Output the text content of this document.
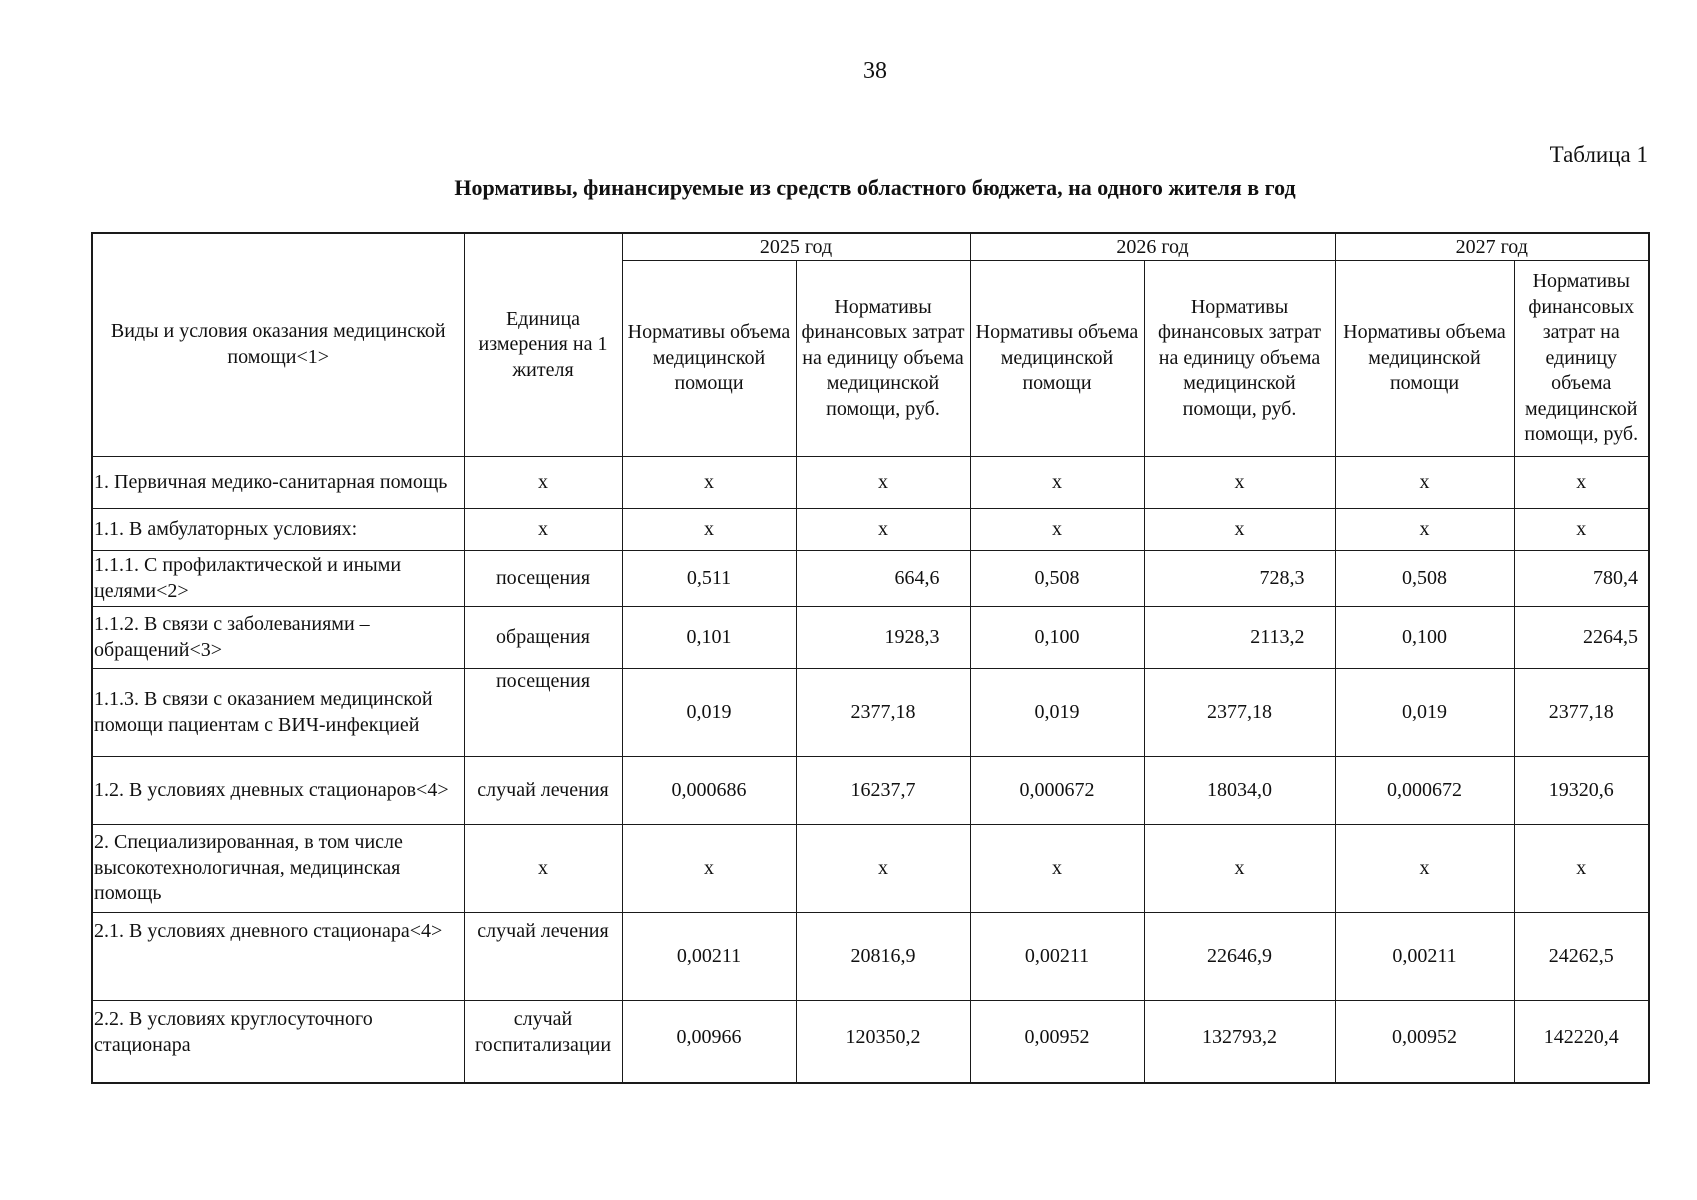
38
Таблица 1
Нормативы, финансируемые из средств областного бюджета, на одного жителя в год
Виды и условия оказания медицинской помощи<1>	Единица измерения на 1 жителя	2025 год		2026 год		2027 год	
		Нормативы объема медицинской помощи	Нормативы финансовых затрат на единицу объема медицинской помощи, руб.	Нормативы объема медицинской помощи	Нормативы финансовых затрат на единицу объема медицинской помощи, руб.	Нормативы объема медицинской помощи	Нормативы финансовых затрат на единицу объема медицинской помощи, руб.
1. Первичная медико-санитарная помощь	х	х	х	х	х	х	х
1.1. В амбулаторных условиях:	х	х	х	х	х	х	х
1.1.1. С профилактической и иными целями<2>	посещения	0,511	664,6	0,508	728,3	0,508	780,4
1.1.2. В связи с заболеваниями – обращений<3>	обращения	0,101	1928,3	0,100	2113,2	0,100	2264,5
1.1.3. В связи с оказанием медицинской помощи пациентам с ВИЧ-инфекцией	посещения	0,019	2377,18	0,019	2377,18	0,019	2377,18
1.2. В условиях дневных стационаров<4>	случай лечения	0,000686	16237,7	0,000672	18034,0	0,000672	19320,6
2. Специализированная, в том числе высокотехнологичная, медицинская помощь	х	х	х	х	х	х	х
2.1. В условиях дневного стационара<4>	случай лечения	0,00211	20816,9	0,00211	22646,9	0,00211	24262,5
2.2. В условиях круглосуточного стационара	случай госпитализации	0,00966	120350,2	0,00952	132793,2	0,00952	142220,4
